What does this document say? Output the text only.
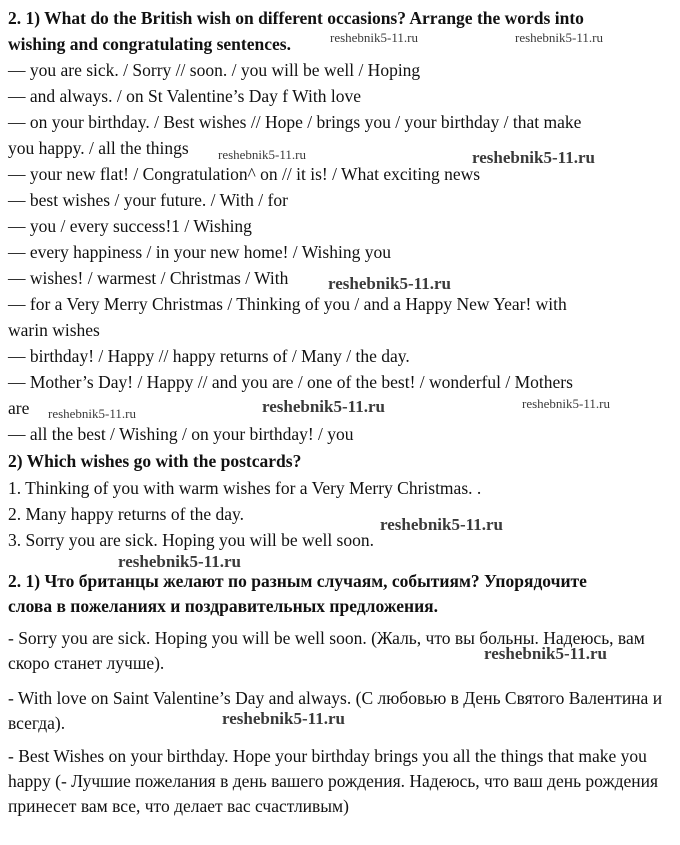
2. 1) What do the British wish on different occasions? Arrange the words into
wishing and congratulating sentences.
— you are sick. / Sorry // soon. / you will be well / Hoping
— and always. / on St Valentine’s Day f With love
— on your birthday. / Best wishes // Hope / brings you / your birthday / that make
you happy. / all the things
— your new flat! / Congratulation^ on // it is! / What exciting news
— best wishes / your future. / With / for
— you / every success!1 / Wishing
— every happiness / in your new home! / Wishing you
— wishes! / warmest / Christmas / With
— for a Very Merry Christmas / Thinking of you / and a Happy New Year! with
warin wishes
— birthday! / Happy // happy returns of / Many / the day.
— Mother’s Day! / Happy // and you are / one of the best! / wonderful / Mothers
are
— all the best / Wishing / on your birthday! / you
2) Which wishes go with the postcards?
1. Thinking of you with warm wishes for a Very Merry Christmas. .
2. Many happy returns of the day.
3. Sorry you are sick. Hoping you will be well soon.
2. 1) Что британцы желают по разным случаям, событиям? Упорядочите
слова в пожеланиях и поздравительных предложения.
- Sorry you are sick. Hoping you will be well soon. (Жаль, что вы больны. Надеюсь, вам скоро станет лучше).
- With love on Saint Valentine’s Day and always. (С любовью в День Святого Валентина и всегда).
- Best Wishes on your birthday. Hope your birthday brings you all the things that make you happy (- Лучшие пожелания в день вашего рождения. Надеюсь, что ваш день рождения принесет вам все, что делает вас счастливым)
reshebnik5-11.ru	reshebnik5-11.ru
reshebnik5-11.ru	reshebnik5-11.ru
reshebnik5-11.ru
reshebnik5-11.ru	reshebnik5-11.ru	reshebnik5-11.ru
reshebnik5-11.ru
reshebnik5-11.ru
reshebnik5-11.ru
reshebnik5-11.ru
